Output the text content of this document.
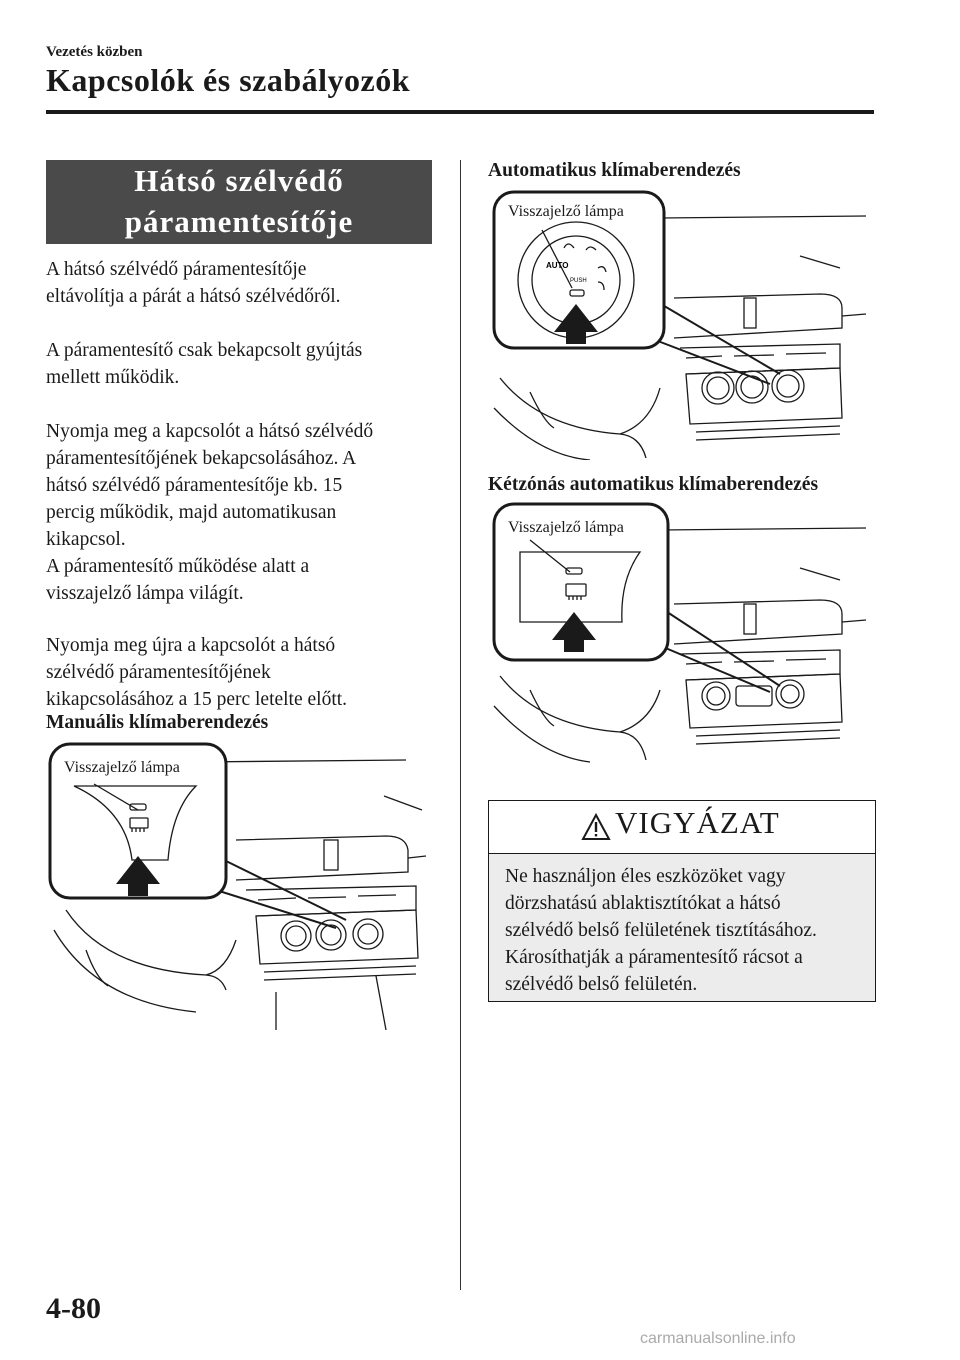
Vezetés közben
Kapcsolók és szabályozók
Hátsó szélvédő
páramentesítője
A hátsó szélvédő páramentesítője
eltávolítja a párát a hátsó szélvédőről.
A páramentesítő csak bekapcsolt gyújtás
mellett működik.
Nyomja meg a kapcsolót a hátsó szélvédő
páramentesítőjének bekapcsolásához. A
hátsó szélvédő páramentesítője kb. 15
percig működik, majd automatikusan
kikapcsol.
A páramentesítő működése alatt a
visszajelző lámpa világít.
Nyomja meg újra a kapcsolót a hátsó
szélvédő páramentesítőjének
kikapcsolásához a 15 perc letelte előtt.
Manuális klímaberendezés
Visszajelző lámpa
Automatikus klímaberendezés
Visszajelző lámpa
AUTO
PUSH
Kétzónás automatikus klímaberendezés
Visszajelző lámpa
VIGYÁZAT
Ne használjon éles eszközöket vagy
dörzshatású ablaktisztítókat a hátsó
szélvédő belső felületének tisztításához.
Károsíthatják a páramentesítő rácsot a
szélvédő belső felületén.
4-80
carmanualsonline.info
